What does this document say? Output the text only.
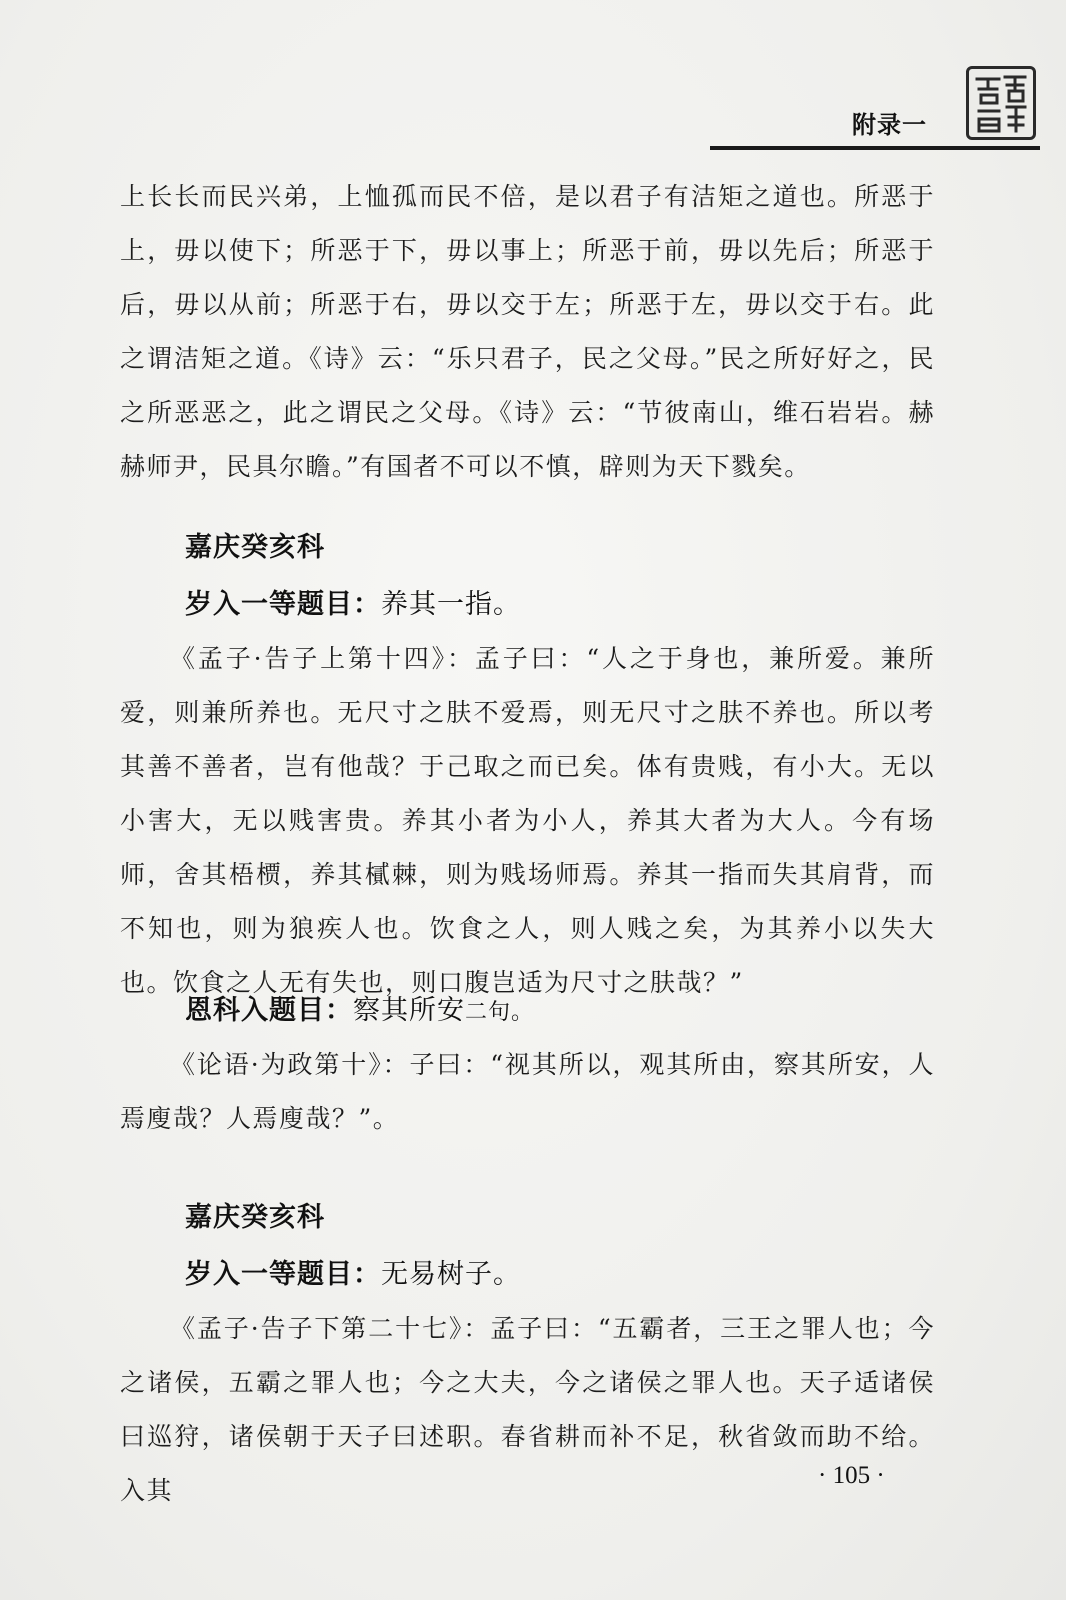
附录一

上长长而民兴弟，上恤孤而民不倍，是以君子有洁矩之道也。所恶于上，毋以使下；所恶于下，毋以事上；所恶于前，毋以先后；所恶于后，毋以从前；所恶于右，毋以交于左；所恶于左，毋以交于右。此之谓洁矩之道。《诗》云：“乐只君子，民之父母。”民之所好好之，民之所恶恶之，此之谓民之父母。《诗》云：“节彼南山，维石岩岩。赫赫师尹，民具尔瞻。”有国者不可以不慎，辟则为天下戮矣。

嘉庆癸亥科
岁入一等题目：养其一指。

《孟子·告子上第十四》：孟子曰：“人之于身也，兼所爱。兼所爱，则兼所养也。无尺寸之肤不爱焉，则无尺寸之肤不养也。所以考其善不善者，岂有他哉？于己取之而已矣。体有贵贱，有小大。无以小害大，无以贱害贵。养其小者为小人，养其大者为大人。今有场师，舍其梧槚，养其樲棘，则为贱场师焉。养其一指而失其肩背，而不知也，则为狼疾人也。饮食之人，则人贱之矣，为其养小以失大也。饮食之人无有失也，则口腹岂适为尺寸之肤哉？”

恩科入题目：察其所安二句。

《论语·为政第十》：子曰：“视其所以，观其所由，察其所安，人焉廋哉？人焉廋哉？”。

嘉庆癸亥科
岁入一等题目：无易树子。

《孟子·告子下第二十七》：孟子曰：“五霸者，三王之罪人也；今之诸侯，五霸之罪人也；今之大夫，今之诸侯之罪人也。天子适诸侯曰巡狩，诸侯朝于天子曰述职。春省耕而补不足，秋省敛而助不给。入其

· 105 ·
